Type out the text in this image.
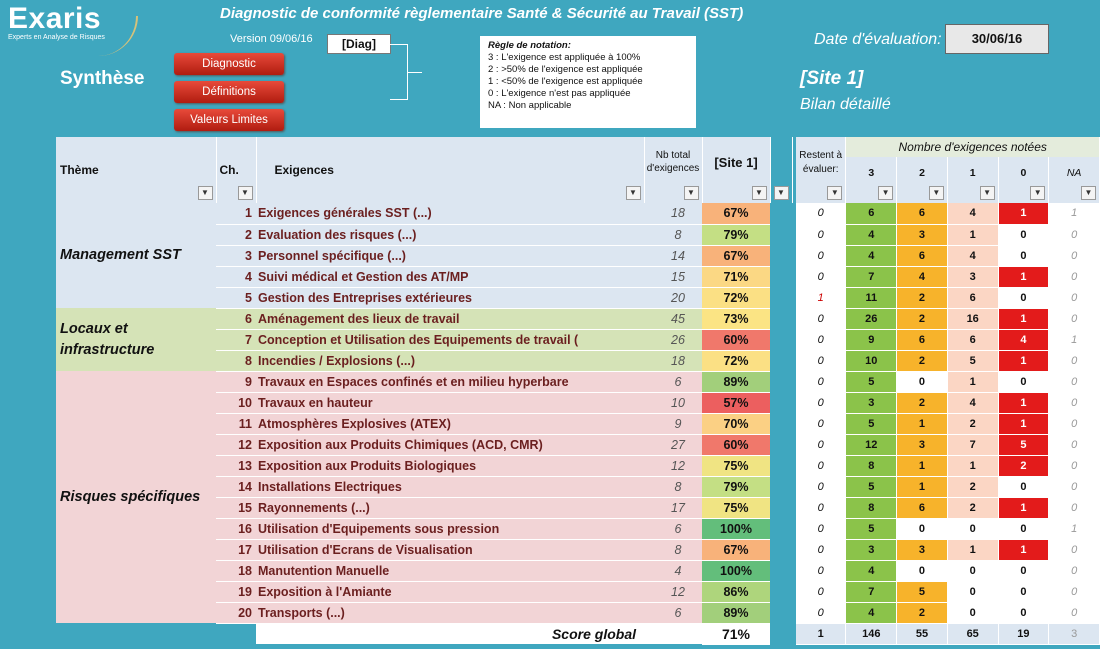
Exaris
Experts en Analyse de Risques
Diagnostic de conformité règlementaire Santé & Sécurité au Travail (SST)
Version 09/06/16	[Diag]
Diagnostic
Définitions
Valeurs Limites
Synthèse
Règle de notation:
3 : L'exigence est appliquée à 100%
2 : >50% de l'exigence est appliquée
1 : <50% de l'exigence est appliquée
0 : L'exigence n'est pas appliquée
NA : Non applicable
Date d'évaluation:	30/06/16
[Site 1]
Bilan détaillé
Thème
▼	Ch.
▼	Exigences
▼	Nb total d'exigences
▼	[Site 1]
▼	▼

Management SST	1	Exigences générales SST (...)	18	67%	
	2	Evaluation des risques (...)	8	79%	
	3	Personnel spécifique (...)	14	67%	
	4	Suivi médical et Gestion des AT/MP	15	71%	
	5	Gestion des Entreprises extérieures	20	72%	
Locaux et infrastructure	6	Aménagement des lieux de travail	45	73%	
	7	Conception et Utilisation des Equipements de travail (	26	60%	
	8	Incendies / Explosions (...)	18	72%	
Risques spécifiques	9	Travaux en Espaces confinés et en milieu hyperbare	6	89%	
	10	Travaux en hauteur	10	57%	
	11	Atmosphères Explosives (ATEX)	9	70%	
	12	Exposition aux Produits Chimiques (ACD, CMR)	27	60%	
	13	Exposition aux Produits Biologiques	12	75%	
	14	Installations Electriques	8	79%	
	15	Rayonnements (...)	17	75%	
	16	Utilisation d'Equipements sous pression	6	100%	
	17	Utilisation d'Ecrans de Visualisation	8	67%	
	18	Manutention Manuelle	4	100%	
	19	Exposition à l'Amiante	12	86%	
	20	Transports (...)	6	89%	
		Score global		71%	
Restent à évaluer:
▼	Nombre d'exigences notées				
	3
▼	2
▼	1
▼	0
▼	NA
▼

0	6	6	4	1	1
0	4	3	1	0	0
0	4	6	4	0	0
0	7	4	3	1	0
1	11	2	6	0	0
0	26	2	16	1	0
0	9	6	6	4	1
0	10	2	5	1	0
0	5	0	1	0	0
0	3	2	4	1	0
0	5	1	2	1	0
0	12	3	7	5	0
0	8	1	1	2	0
0	5	1	2	0	0
0	8	6	2	1	0
0	5	0	0	0	1
0	3	3	1	1	0
0	4	0	0	0	0
0	7	5	0	0	0
0	4	2	0	0	0
1	146	55	65	19	3
